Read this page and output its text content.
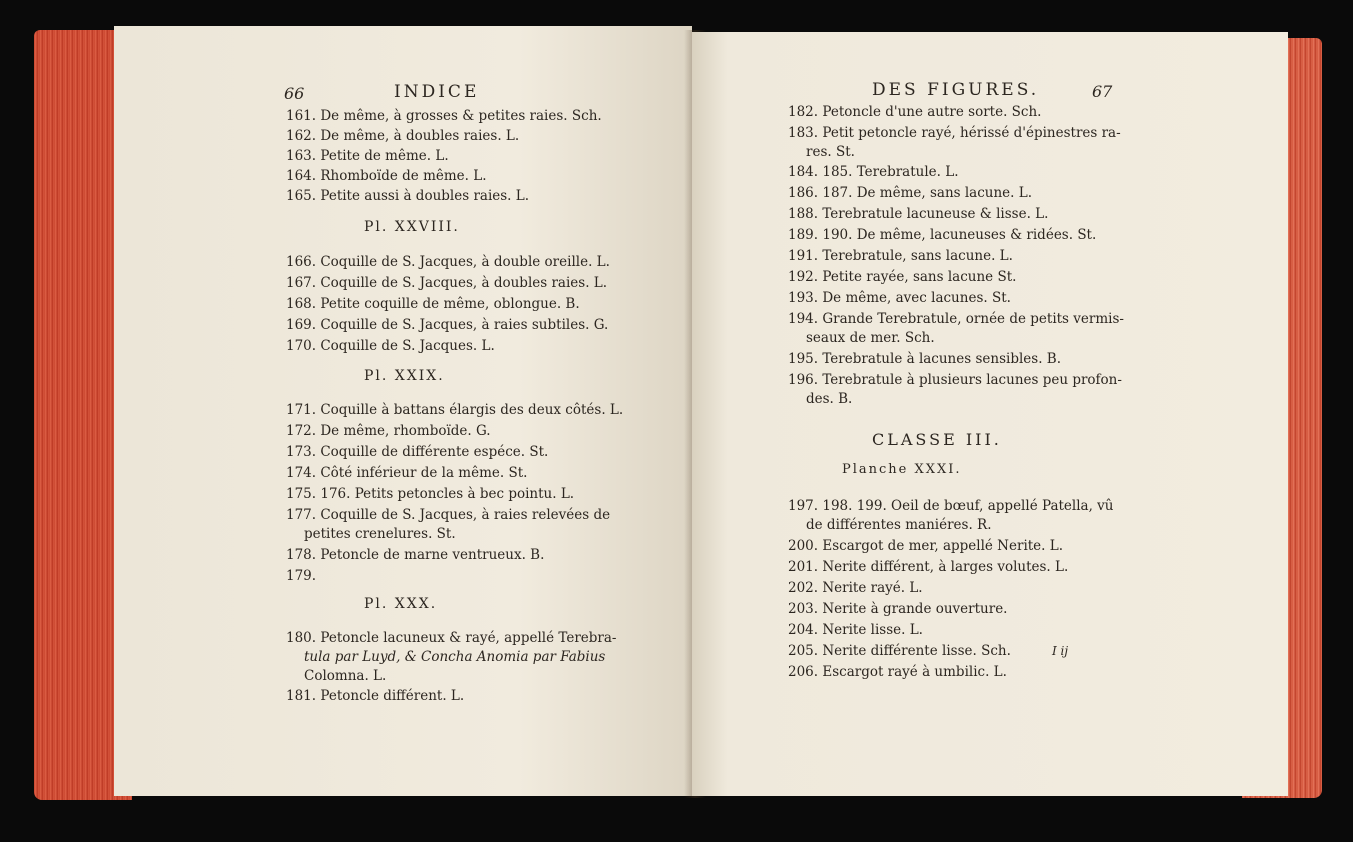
66	INDICE
161. De même, à grosses & petites raies. Sch.
162. De même, à doubles raies. L.
163. Petite de même. L.
164. Rhomboïde de même. L.
165. Petite aussi à doubles raies. L.
Pl. XXVIII.
166. Coquille de S. Jacques, à double oreille. L.
167. Coquille de S. Jacques, à doubles raies. L.
168. Petite coquille de même, oblongue. B.
169. Coquille de S. Jacques, à raies subtiles. G.
170. Coquille de S. Jacques. L.
Pl. XXIX.
171. Coquille à battans élargis des deux côtés. L.
172. De même, rhomboïde. G.
173. Coquille de différente espéce. St.
174. Côté inférieur de la même. St.
175. 176. Petits petoncles à bec pointu. L.
177. Coquille de S. Jacques, à raies relevées de
petites crenelures. St.
178. Petoncle de marne ventrueux. B.
179.
Pl. XXX.
180. Petoncle lacuneux & rayé, appellé Terebra-
tula par Luyd, & Concha Anomia par Fabius
Colomna. L.
181. Petoncle différent. L.
DES FIGURES.	67
182. Petoncle d'une autre sorte. Sch.
183. Petit petoncle rayé, hérissé d'épinestres ra-
res. St.
184. 185. Terebratule. L.
186. 187. De même, sans lacune. L.
188. Terebratule lacuneuse & lisse. L.
189. 190. De même, lacuneuses & ridées. St.
191. Terebratule, sans lacune. L.
192. Petite rayée, sans lacune St.
193. De même, avec lacunes. St.
194. Grande Terebratule, ornée de petits vermis-
seaux de mer. Sch.
195. Terebratule à lacunes sensibles. B.
196. Terebratule à plusieurs lacunes peu profon-
des. B.
CLASSE III.
Planche XXXI.
197. 198. 199. Oeil de bœuf, appellé Patella, vû
de différentes maniéres. R.
200. Escargot de mer, appellé Nerite. L.
201. Nerite différent, à larges volutes. L.
202. Nerite rayé. L.
203. Nerite à grande ouverture.
204. Nerite lisse. L.
205. Nerite différente lisse. Sch.
206. Escargot rayé à umbilic. L.
I ij
